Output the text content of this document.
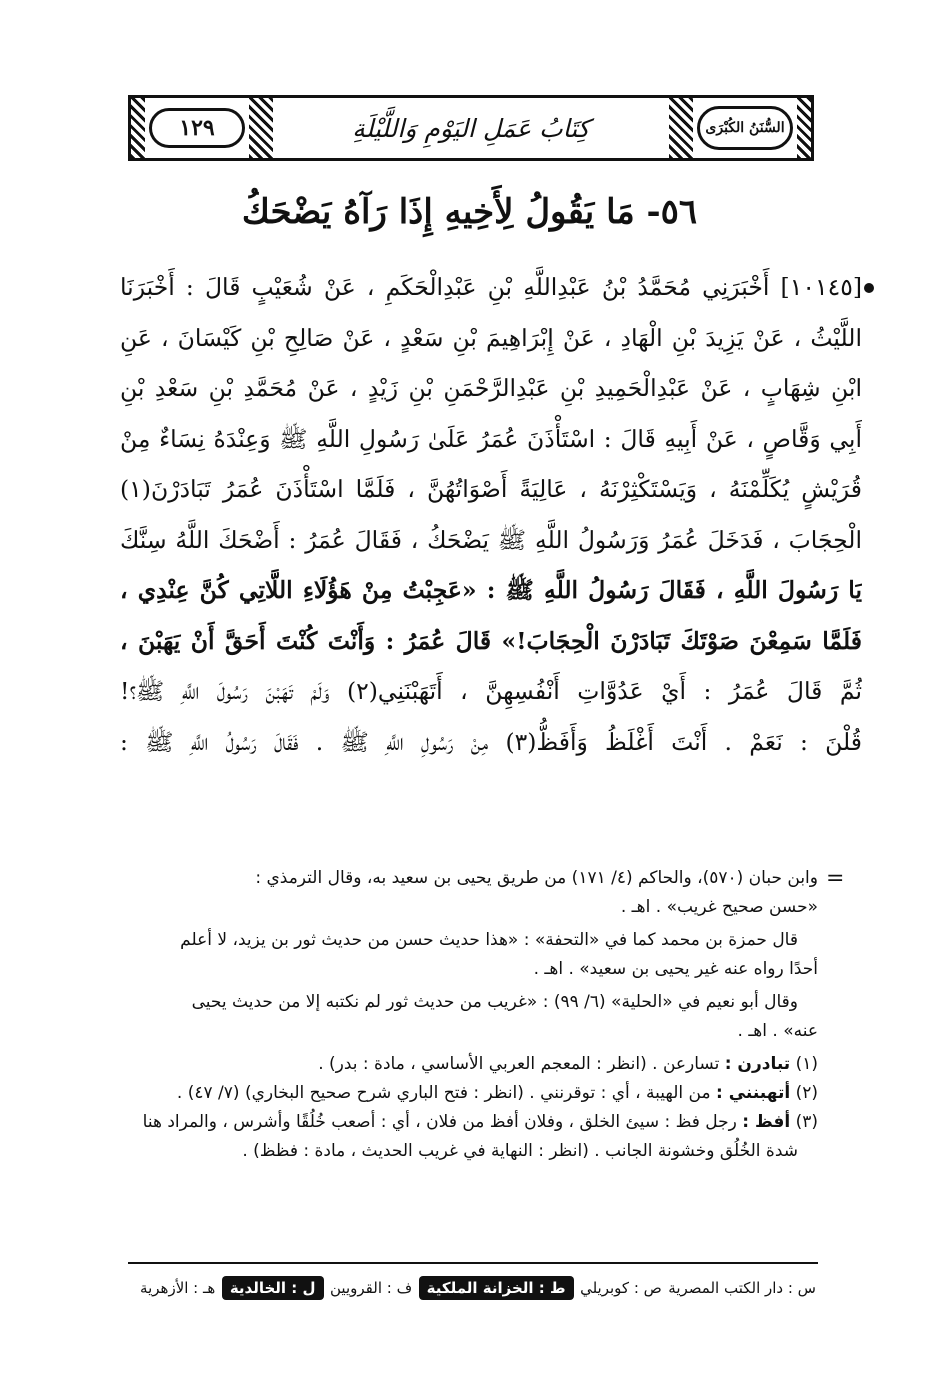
١٢٩	كِتَابُ عَمَلِ اليَوْمِ وَاللَّيْلَةِ	السُّنَنُ الكُبْرَى
٥٦- مَا يَقُولُ لِأَخِيهِ إِذَا رَآهُ يَضْحَكُ
[١٠١٤٥] أَخْبَرَنِي مُحَمَّدُ بْنُ عَبْدِاللَّهِ بْنِ عَبْدِالْحَكَمِ ، عَنْ شُعَيْبٍ قَالَ : أَخْبَرَنَا
اللَّيْثُ ، عَنْ يَزِيدَ بْنِ الْهَادِ ، عَنْ إِبْرَاهِيمَ بْنِ سَعْدٍ ، عَنْ صَالِحِ بْنِ كَيْسَانَ ، عَنِ
ابْنِ شِهَابٍ ، عَنْ عَبْدِالْحَمِيدِ بْنِ عَبْدِالرَّحْمَنِ بْنِ زَيْدٍ ، عَنْ مُحَمَّدِ بْنِ سَعْدِ بْنِ
أَبِي وَقَّاصٍ ، عَنْ أَبِيهِ قَالَ : اسْتَأْذَنَ عُمَرُ عَلَىٰ رَسُولِ اللَّهِ ﷺ وَعِنْدَهُ نِسَاءٌ مِنْ
قُرَيْشٍ يُكَلِّمْنَهُ ، وَيَسْتَكْثِرْنَهُ ، عَالِيَةً أَصْوَاتُهُنَّ ، فَلَمَّا اسْتَأْذَنَ عُمَرُ تَبَادَرْنَ(١)
الْحِجَابَ ، فَدَخَلَ عُمَرُ وَرَسُولُ اللَّهِ ﷺ يَضْحَكُ ، فَقَالَ عُمَرُ : أَضْحَكَ اللَّهُ سِنَّكَ
يَا رَسُولَ اللَّهِ ، فَقَالَ رَسُولُ اللَّهِ ﷺ : «عَجِبْتُ مِنْ هَؤُلَاءِ اللَّاتِي كُنَّ عِنْدِي ،
فَلَمَّا سَمِعْنَ صَوْتَكَ تَبَادَرْنَ الْحِجَابَ!» قَالَ عُمَرُ : وَأَنْتَ كُنْتَ أَحَقَّ أَنْ يَهَبْنَ ،
ثُمَّ قَالَ عُمَرُ : أَيْ عَدُوَّاتِ أَنْفُسِهِنَّ ، أَتَهَبْنَنِي(٢) وَلَمْ تَهَبْنَ رَسُولَ اللَّهِ ﷺ؟!
قُلْنَ : نَعَمْ . أَنْتَ أَغْلَظُ وَأَفَظُّ(٣) مِنْ رَسُولِ اللَّهِ ﷺ . فَقَالَ رَسُولُ اللَّهِ ﷺ :
=
وابن حبان (٥٧٠)، والحاكم (٤/ ١٧١) من طريق يحيى بن سعيد به، وقال الترمذي :
«حسن صحيح غريب» . اهـ .
قال حمزة بن محمد كما في «التحفة» : «هذا حديث حسن من حديث ثور بن يزيد، لا أعلم
أحدًا رواه عنه غير يحيى بن سعيد» . اهـ .
وقال أبو نعيم في «الحلية» (٦/ ٩٩) : «غريب من حديث ثور لم نكتبه إلا من حديث يحيى
عنه» . اهـ .
(١) تبادرن : تسارعن . (انظر : المعجم العربي الأساسي ، مادة : بدر) .
(٢) أتهبنني : من الهيبة ، أي : توقرنني . (انظر : فتح الباري شرح صحيح البخاري) (٧/ ٤٧) .
(٣) أفظ : رجل فظ : سيئ الخلق ، وفلان أفظ من فلان ، أي : أصعب خُلُقًا وأشرس ، والمراد هنا
شدة الخُلُق وخشونة الجانب . (انظر : النهاية في غريب الحديث ، مادة : فظظ) .
س : دار الكتب المصرية
ص : كوبريلي
ط : الخزانة الملكية
ف : القرويين
ل : الخالدية
هـ : الأزهرية
